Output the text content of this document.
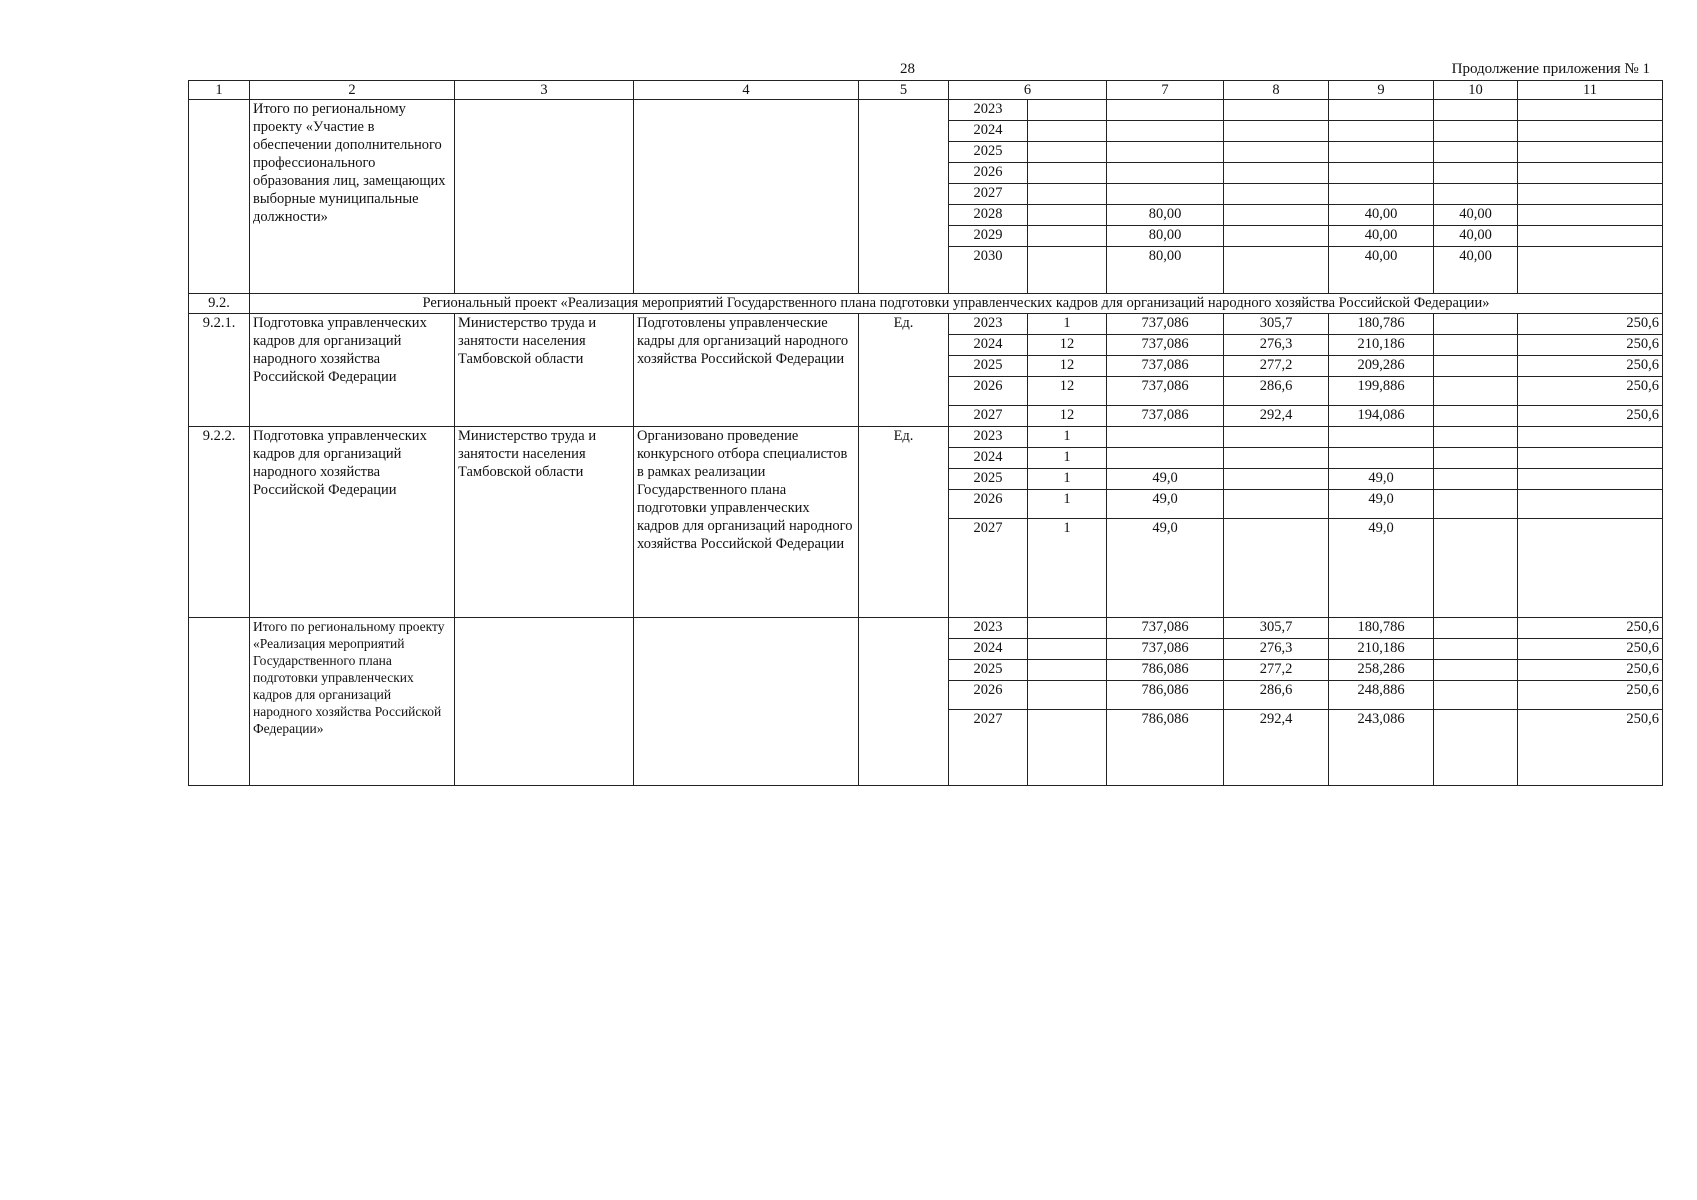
28	Продолжение приложения № 1
1	2	3	4	5	6		7	8	9	10	11
	Итого по региональному проекту «Участие в обеспечении дополнительного профессионального образования лиц, замещающих выборные муниципальные должности»				2023						
					2024						
					2025						
					2026						
					2027						
					2028		80,00		40,00	40,00	
					2029		80,00		40,00	40,00	
					2030		80,00		40,00	40,00	
9.2.	Региональный проект «Реализация мероприятий Государственного плана подготовки управленческих кадров для организаций народного хозяйства Российской Федерации»										
9.2.1.	Подготовка управленческих кадров для организаций народного хозяйства Российской Федерации	Министерство труда и занятости населения Тамбовской области	Подготовлены управленческие кадры для организаций народного хозяйства Российской Федерации	Ед.	2023	1	737,086	305,7	180,786		250,6
					2024	12	737,086	276,3	210,186		250,6
					2025	12	737,086	277,2	209,286		250,6
					2026	12	737,086	286,6	199,886		250,6
					2027	12	737,086	292,4	194,086		250,6
9.2.2.	Подготовка управленческих кадров для организаций народного хозяйства Российской Федерации	Министерство труда и занятости населения Тамбовской области	Организовано проведение конкурсного отбора специалистов в рамках реализации Государственного плана подготовки управленческих кадров для организаций народного хозяйства Российской Федерации	Ед.	2023	1					
					2024	1					
					2025	1	49,0		49,0		
					2026	1	49,0		49,0		
					2027	1	49,0		49,0		
	Итого по региональному проекту «Реализация мероприятий Государственного плана подготовки управленческих кадров для организаций народного хозяйства Российской Федерации»				2023		737,086	305,7	180,786		250,6
					2024		737,086	276,3	210,186		250,6
					2025		786,086	277,2	258,286		250,6
					2026		786,086	286,6	248,886		250,6
					2027		786,086	292,4	243,086		250,6
